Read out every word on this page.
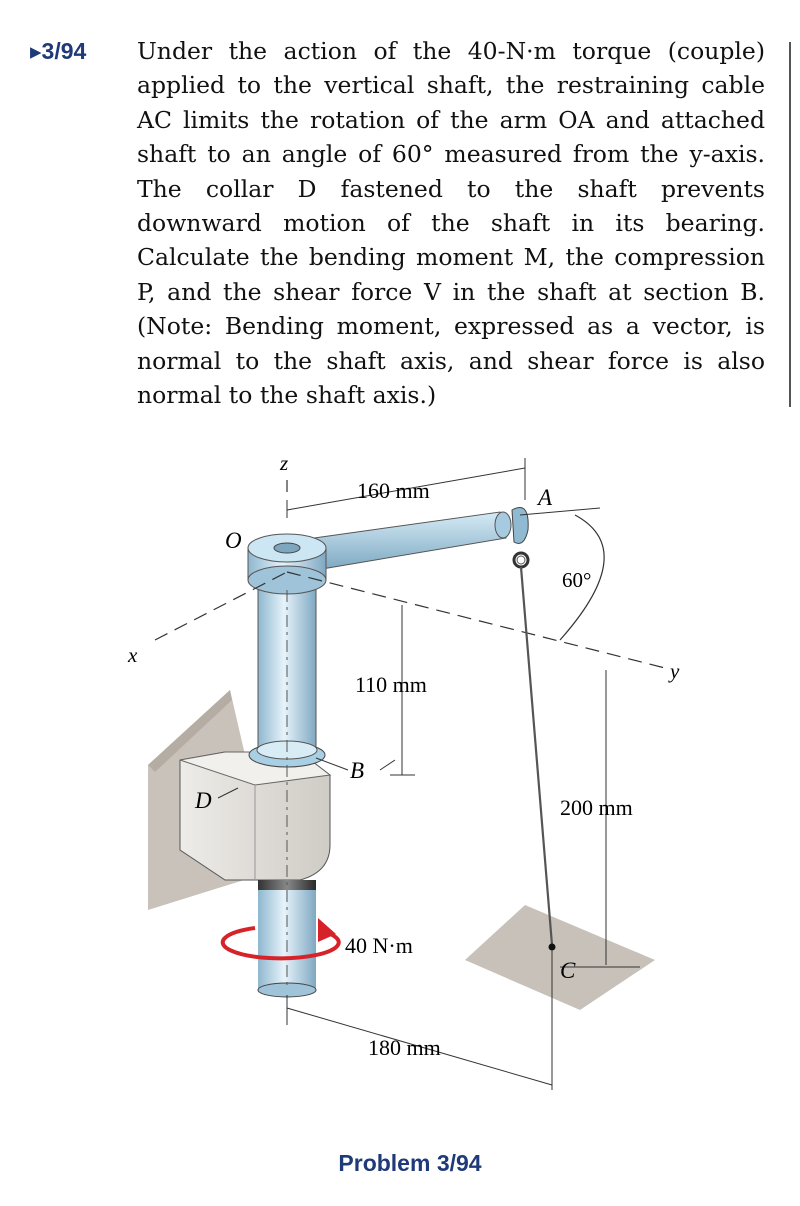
▸3/94 Under the action of the 40-N·m torque (couple) applied to the vertical shaft, the restraining cable AC limits the rotation of the arm OA and attached shaft to an angle of 60° measured from the y-axis. The collar D fastened to the shaft prevents downward motion of the shaft in its bearing. Calculate the bending moment M, the compression P, and the shear force V in the shaft at section B. (Note: Bending moment, expressed as a vector, is normal to the shaft axis, and shear force is also normal to the shaft axis.)
z
O
x
y
A
B
C
D
160 mm
110 mm
200 mm
180 mm
60°
40 N·m
Problem 3/94
